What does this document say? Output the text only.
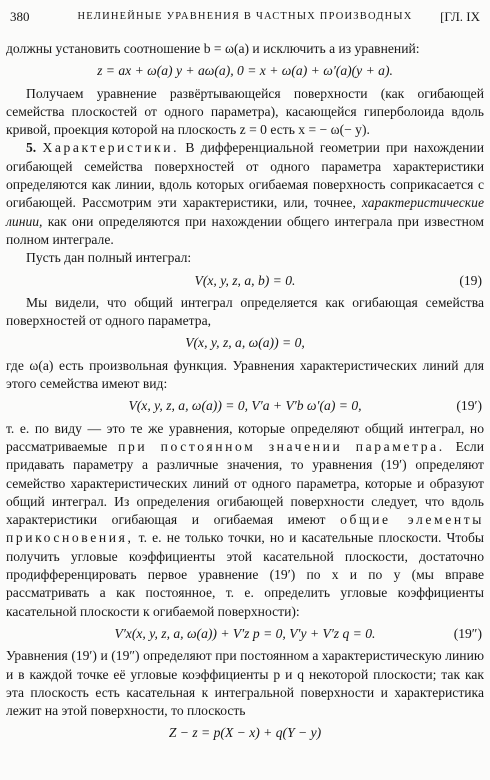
380	НЕЛИНЕЙНЫЕ УРАВНЕНИЯ В ЧАСТНЫХ ПРОИЗВОДНЫХ	[ГЛ. IX

должны установить соотношение b = ω(a) и исключить a из уравнений:

z = ax + ω(a) y + aω(a), 0 = x + ω(a) + ω′(a)(y + a).

Получаем уравнение развёртывающейся поверхности (как огибающей семейства плоскостей от одного параметра), касающейся гиперболоида вдоль кривой, проекция которой на плоскость z = 0 есть x = − ω(− y).

5. Характеристики. В дифференциальной геометрии при нахождении огибающей семейства поверхностей от одного параметра характеристики определяются как линии, вдоль которых огибаемая поверхность соприкасается с огибающей. Рассмотрим эти характеристики, или, точнее, характеристические линии, как они определяются при нахождении общего интеграла при известном полном интеграле.

Пусть дан полный интеграл:

V(x, y, z, a, b) = 0.	(19)

Мы видели, что общий интеграл определяется как огибающая семейства поверхностей от одного параметра,

V(x, y, z, a, ω(a)) = 0,

где ω(a) есть произвольная функция. Уравнения характеристических линий для этого семейства имеют вид:

V(x, y, z, a, ω(a)) = 0, V′a + V′b ω′(a) = 0,	(19′)

т. е. по виду — это те же уравнения, которые определяют общий интеграл, но рассматриваемые при постоянном значении параметра. Если придавать параметру a различные значения, то уравнения (19′) определяют семейство характеристических линий от одного параметра, которые и образуют общий интеграл. Из определения огибающей поверхности следует, что вдоль характеристики огибающая и огибаемая имеют общие элементы прикосновения, т. е. не только точки, но и касательные плоскости. Чтобы получить угловые коэффициенты этой касательной плоскости, достаточно продифференцировать первое уравнение (19′) по x и по y (мы вправе рассматривать a как постоянное, т. е. определить угловые коэффициенты касательной плоскости к огибаемой поверхности):

V′x(x, y, z, a, ω(a)) + V′z p = 0, V′y + V′z q = 0.	(19″)

Уравнения (19′) и (19″) определяют при постоянном a характеристическую линию и в каждой точке её угловые коэффициенты p и q некоторой плоскости; так как эта плоскость есть касательная к интегральной поверхности и характеристика лежит на этой поверхности, то плоскость

Z − z = p(X − x) + q(Y − y)
